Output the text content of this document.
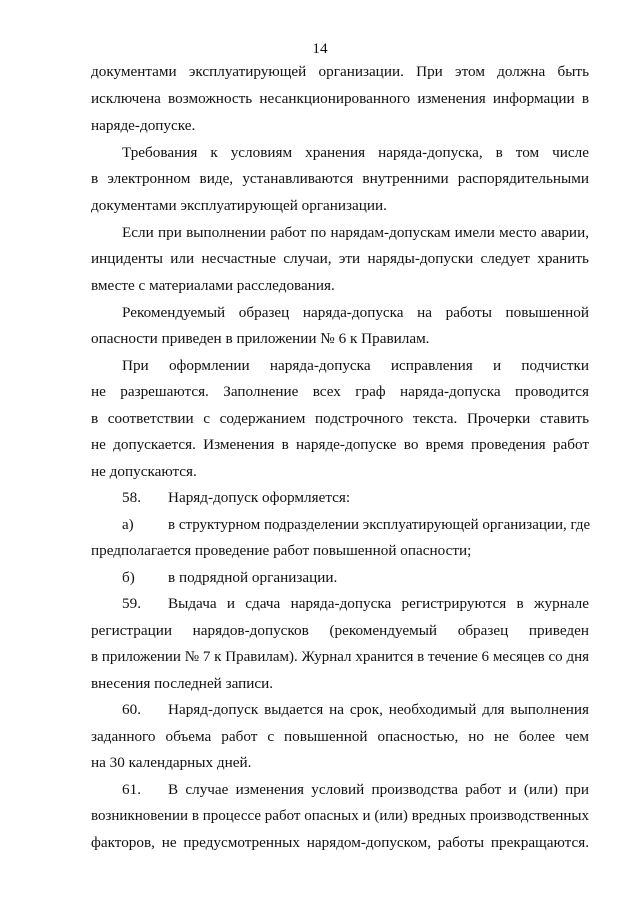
14
документами эксплуатирующей организации. При этом должна быть
исключена возможность несанкционированного изменения информации в
наряде-допуске.
Требования к условиям хранения наряда-допуска, в том числе
в электронном виде, устанавливаются внутренними распорядительными
документами эксплуатирующей организации.
Если при выполнении работ по нарядам-допускам имели место аварии,
инциденты или несчастные случаи, эти наряды-допуски следует хранить
вместе с материалами расследования.
Рекомендуемый образец наряда-допуска на работы повышенной
опасности приведен в приложении № 6 к Правилам.
При оформлении наряда-допуска исправления и подчистки
не разрешаются. Заполнение всех граф наряда-допуска проводится
в соответствии с содержанием подстрочного текста. Прочерки ставить
не допускается. Изменения в наряде-допуске во время проведения работ
не допускаются.
58. Наряд-допуск оформляется:
а) в структурном подразделении эксплуатирующей организации, где
предполагается проведение работ повышенной опасности;
б) в подрядной организации.
59. Выдача и сдача наряда-допуска регистрируются в журнале
регистрации нарядов-допусков (рекомендуемый образец приведен
в приложении № 7 к Правилам). Журнал хранится в течение 6 месяцев со дня
внесения последней записи.
60. Наряд-допуск выдается на срок, необходимый для выполнения
заданного объема работ с повышенной опасностью, но не более чем
на 30 календарных дней.
61. В случае изменения условий производства работ и (или) при
возникновении в процессе работ опасных и (или) вредных производственных
факторов, не предусмотренных нарядом-допуском, работы прекращаются.
